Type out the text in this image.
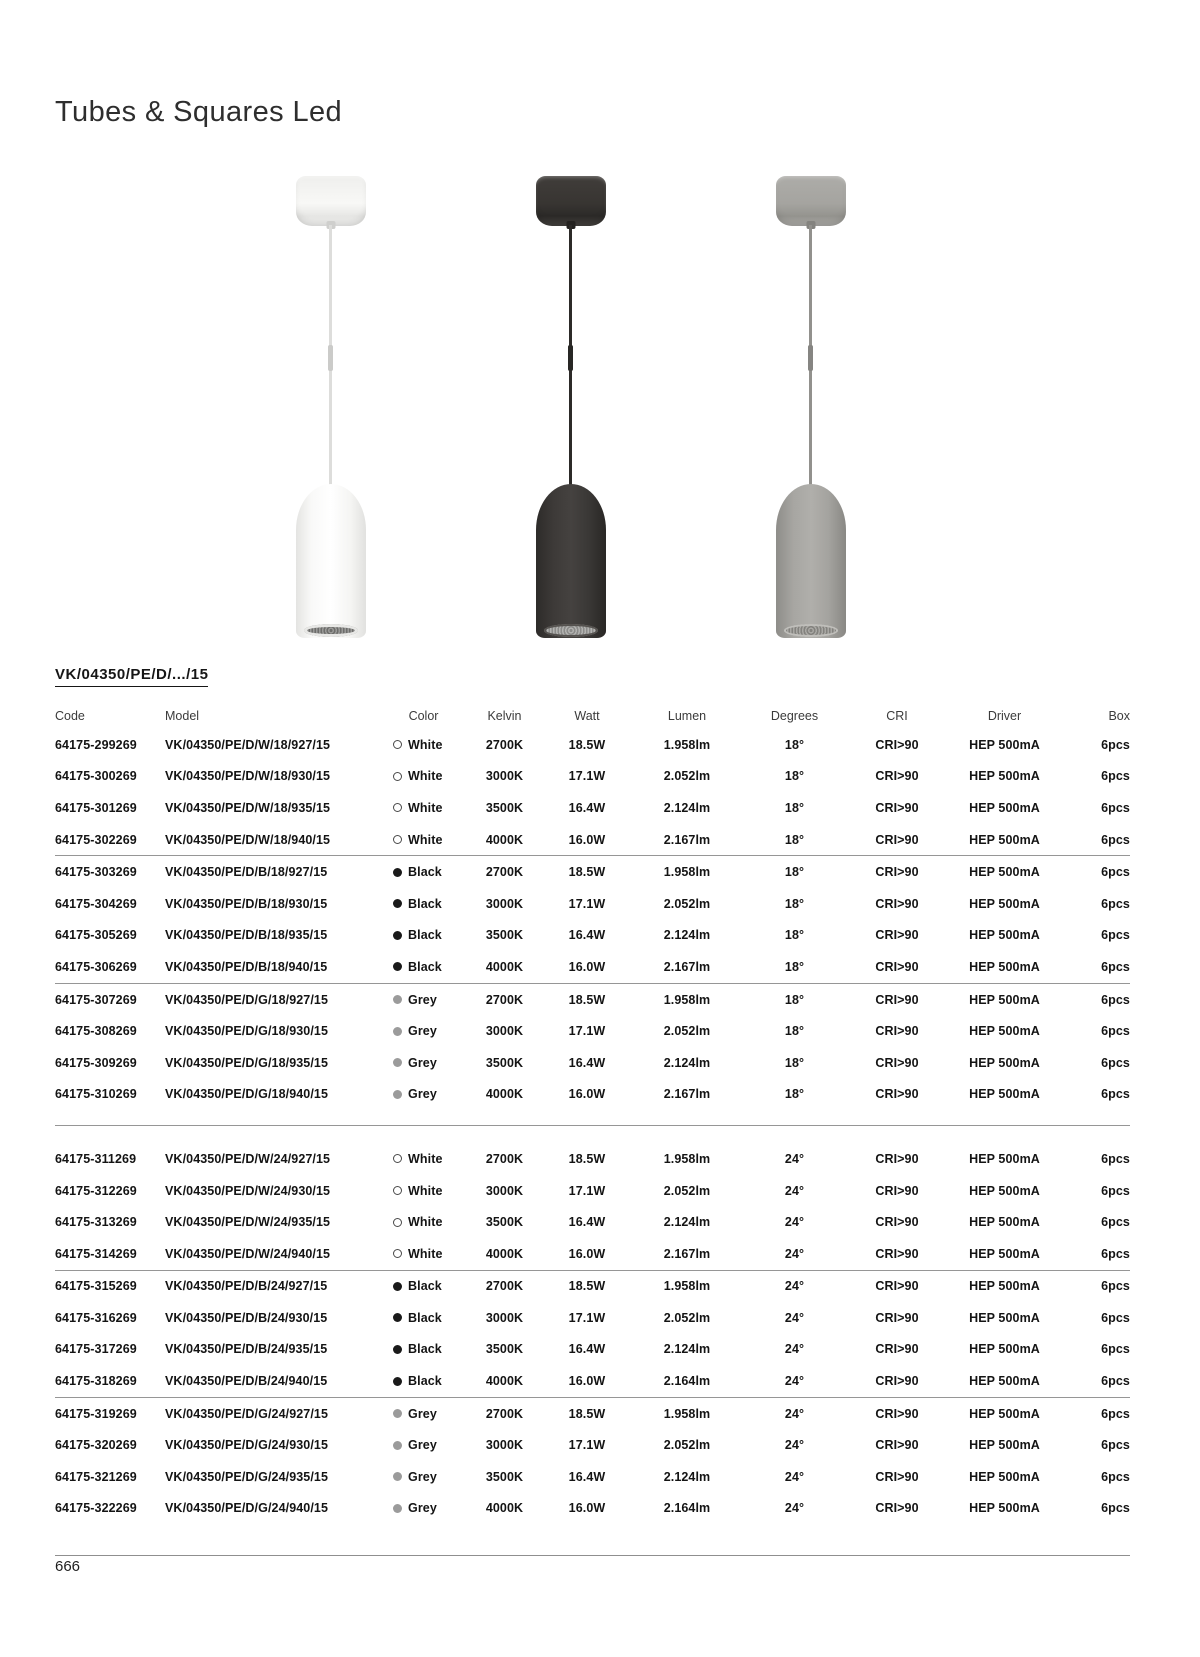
Tubes & Squares Led
VK/04350/PE/D/.../15
Code	Model	Color	Kelvin	Watt	Lumen	Degrees	CRI	Driver	Box
64175-299269	VK/04350/PE/D/W/18/927/15	White	2700K	18.5W	1.958lm	18°	CRI>90	HEP 500mA	6pcs
64175-300269	VK/04350/PE/D/W/18/930/15	White	3000K	17.1W	2.052lm	18°	CRI>90	HEP 500mA	6pcs
64175-301269	VK/04350/PE/D/W/18/935/15	White	3500K	16.4W	2.124lm	18°	CRI>90	HEP 500mA	6pcs
64175-302269	VK/04350/PE/D/W/18/940/15	White	4000K	16.0W	2.167lm	18°	CRI>90	HEP 500mA	6pcs
64175-303269	VK/04350/PE/D/B/18/927/15	Black	2700K	18.5W	1.958lm	18°	CRI>90	HEP 500mA	6pcs
64175-304269	VK/04350/PE/D/B/18/930/15	Black	3000K	17.1W	2.052lm	18°	CRI>90	HEP 500mA	6pcs
64175-305269	VK/04350/PE/D/B/18/935/15	Black	3500K	16.4W	2.124lm	18°	CRI>90	HEP 500mA	6pcs
64175-306269	VK/04350/PE/D/B/18/940/15	Black	4000K	16.0W	2.167lm	18°	CRI>90	HEP 500mA	6pcs
64175-307269	VK/04350/PE/D/G/18/927/15	Grey	2700K	18.5W	1.958lm	18°	CRI>90	HEP 500mA	6pcs
64175-308269	VK/04350/PE/D/G/18/930/15	Grey	3000K	17.1W	2.052lm	18°	CRI>90	HEP 500mA	6pcs
64175-309269	VK/04350/PE/D/G/18/935/15	Grey	3500K	16.4W	2.124lm	18°	CRI>90	HEP 500mA	6pcs
64175-310269	VK/04350/PE/D/G/18/940/15	Grey	4000K	16.0W	2.167lm	18°	CRI>90	HEP 500mA	6pcs
64175-311269	VK/04350/PE/D/W/24/927/15	White	2700K	18.5W	1.958lm	24°	CRI>90	HEP 500mA	6pcs
64175-312269	VK/04350/PE/D/W/24/930/15	White	3000K	17.1W	2.052lm	24°	CRI>90	HEP 500mA	6pcs
64175-313269	VK/04350/PE/D/W/24/935/15	White	3500K	16.4W	2.124lm	24°	CRI>90	HEP 500mA	6pcs
64175-314269	VK/04350/PE/D/W/24/940/15	White	4000K	16.0W	2.167lm	24°	CRI>90	HEP 500mA	6pcs
64175-315269	VK/04350/PE/D/B/24/927/15	Black	2700K	18.5W	1.958lm	24°	CRI>90	HEP 500mA	6pcs
64175-316269	VK/04350/PE/D/B/24/930/15	Black	3000K	17.1W	2.052lm	24°	CRI>90	HEP 500mA	6pcs
64175-317269	VK/04350/PE/D/B/24/935/15	Black	3500K	16.4W	2.124lm	24°	CRI>90	HEP 500mA	6pcs
64175-318269	VK/04350/PE/D/B/24/940/15	Black	4000K	16.0W	2.164lm	24°	CRI>90	HEP 500mA	6pcs
64175-319269	VK/04350/PE/D/G/24/927/15	Grey	2700K	18.5W	1.958lm	24°	CRI>90	HEP 500mA	6pcs
64175-320269	VK/04350/PE/D/G/24/930/15	Grey	3000K	17.1W	2.052lm	24°	CRI>90	HEP 500mA	6pcs
64175-321269	VK/04350/PE/D/G/24/935/15	Grey	3500K	16.4W	2.124lm	24°	CRI>90	HEP 500mA	6pcs
64175-322269	VK/04350/PE/D/G/24/940/15	Grey	4000K	16.0W	2.164lm	24°	CRI>90	HEP 500mA	6pcs
666
